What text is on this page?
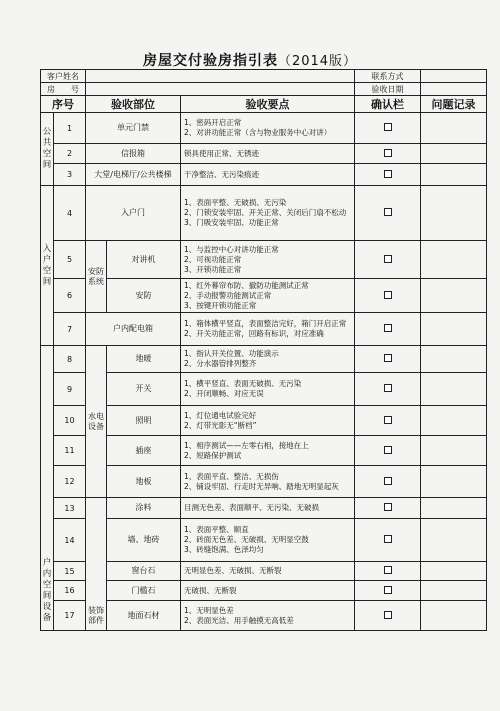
房屋交付验房指引表（2014版）
客户姓名					联系方式	
房　　号					验收日期	
序号		验收部位		验收要点	确认栏	问题记录

公共空间	1	单元门禁		1、密码开启正常
2、对讲功能正常（含与物业服务中心对讲）		

	2	信报箱		锁具使用正常、无锈迹		

	3	大堂/电梯厅/公共楼梯		干净整洁、无污染痕迹		

入户空间	4	入户门		1、表面平整、无破损、无污染
2、门锁安装牢固、开关正常、关闭后门扇不松动
3、门吸安装牢固、功能正常		

	5	安防系统	对讲机	1、与监控中心对讲功能正常
2、可视功能正常
3、开锁功能正常		

	6		安防	1、红外幕帘布防、撤防功能测试正常
2、手动报警功能测试正常
3、按键开锁功能正常		

	7	户内配电箱		1、箱体横平竖直，表面整洁完好，箱门开启正常
2、开关功能正常，回路有标识，对应准确		

户内空间设备	8	水电设备	地暖	1、指认开关位置、功能演示
2、分水器管排列整齐		

	9		开关	1、横平竖直、表面无破损、无污染
2、开闭顺畅、对应无误		

	10		照明	1、灯位通电试验完好
2、灯带光影无“断档”		

	11		插座	1、相序测试——左零右相，接地在上
2、短路保护测试		

	12		地板	1、表面平直、整洁、无损伤
2、铺设牢固、行走时无异响、踏地无明显起灰		

	13	装饰部件	涂料	目测无色差、表面顺平、无污染、无破损		

	14		墙、地砖	1、表面平整、顺直
2、砖面无色差、无破损、无明显空鼓
3、砖缝饱满、色泽均匀		

	15		窗台石	无明显色差、无破损、无断裂		

	16		门槛石	无破损、无断裂		

	17		地面石材	1、无明显色差
2、表面光洁、用手触摸无高低差		
